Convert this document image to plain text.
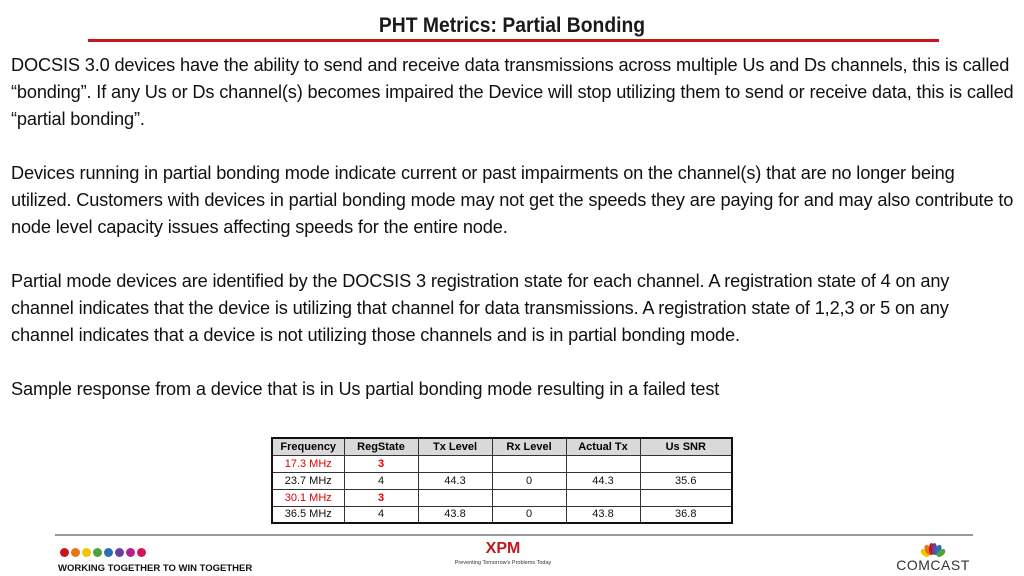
PHT Metrics: Partial Bonding

DOCSIS 3.0 devices have the ability to send and receive data transmissions across multiple Us and Ds channels, this is called “bonding”. If any Us or Ds channel(s) becomes impaired the Device will stop utilizing them to send or receive data, this is called “partial bonding”.

Devices running in partial bonding mode indicate current or past impairments on the channel(s) that are no longer being utilized. Customers with devices in partial bonding mode may not get the speeds they are paying for and may also contribute to node level capacity issues affecting speeds for the entire node.

Partial mode devices are identified by the DOCSIS 3 registration state for each channel. A registration state of 4 on any channel indicates that the device is utilizing that channel for data transmissions. A registration state of 1,2,3 or 5 on any channel indicates that a device is not utilizing those channels and is in partial bonding mode.

Sample response from a device that is in Us partial bonding mode resulting in a failed test

Frequency	RegState	Tx Level	Rx Level	Actual Tx	Us SNR
17.3 MHz	3				
23.7 MHz	4	44.3	0	44.3	35.6
30.1 MHz	3				
36.5 MHz	4	43.8	0	43.8	36.8
WORKING TOGETHER TO WIN TOGETHER
XPM
Preventing Tomorrow's Problems Today	COMCAST
